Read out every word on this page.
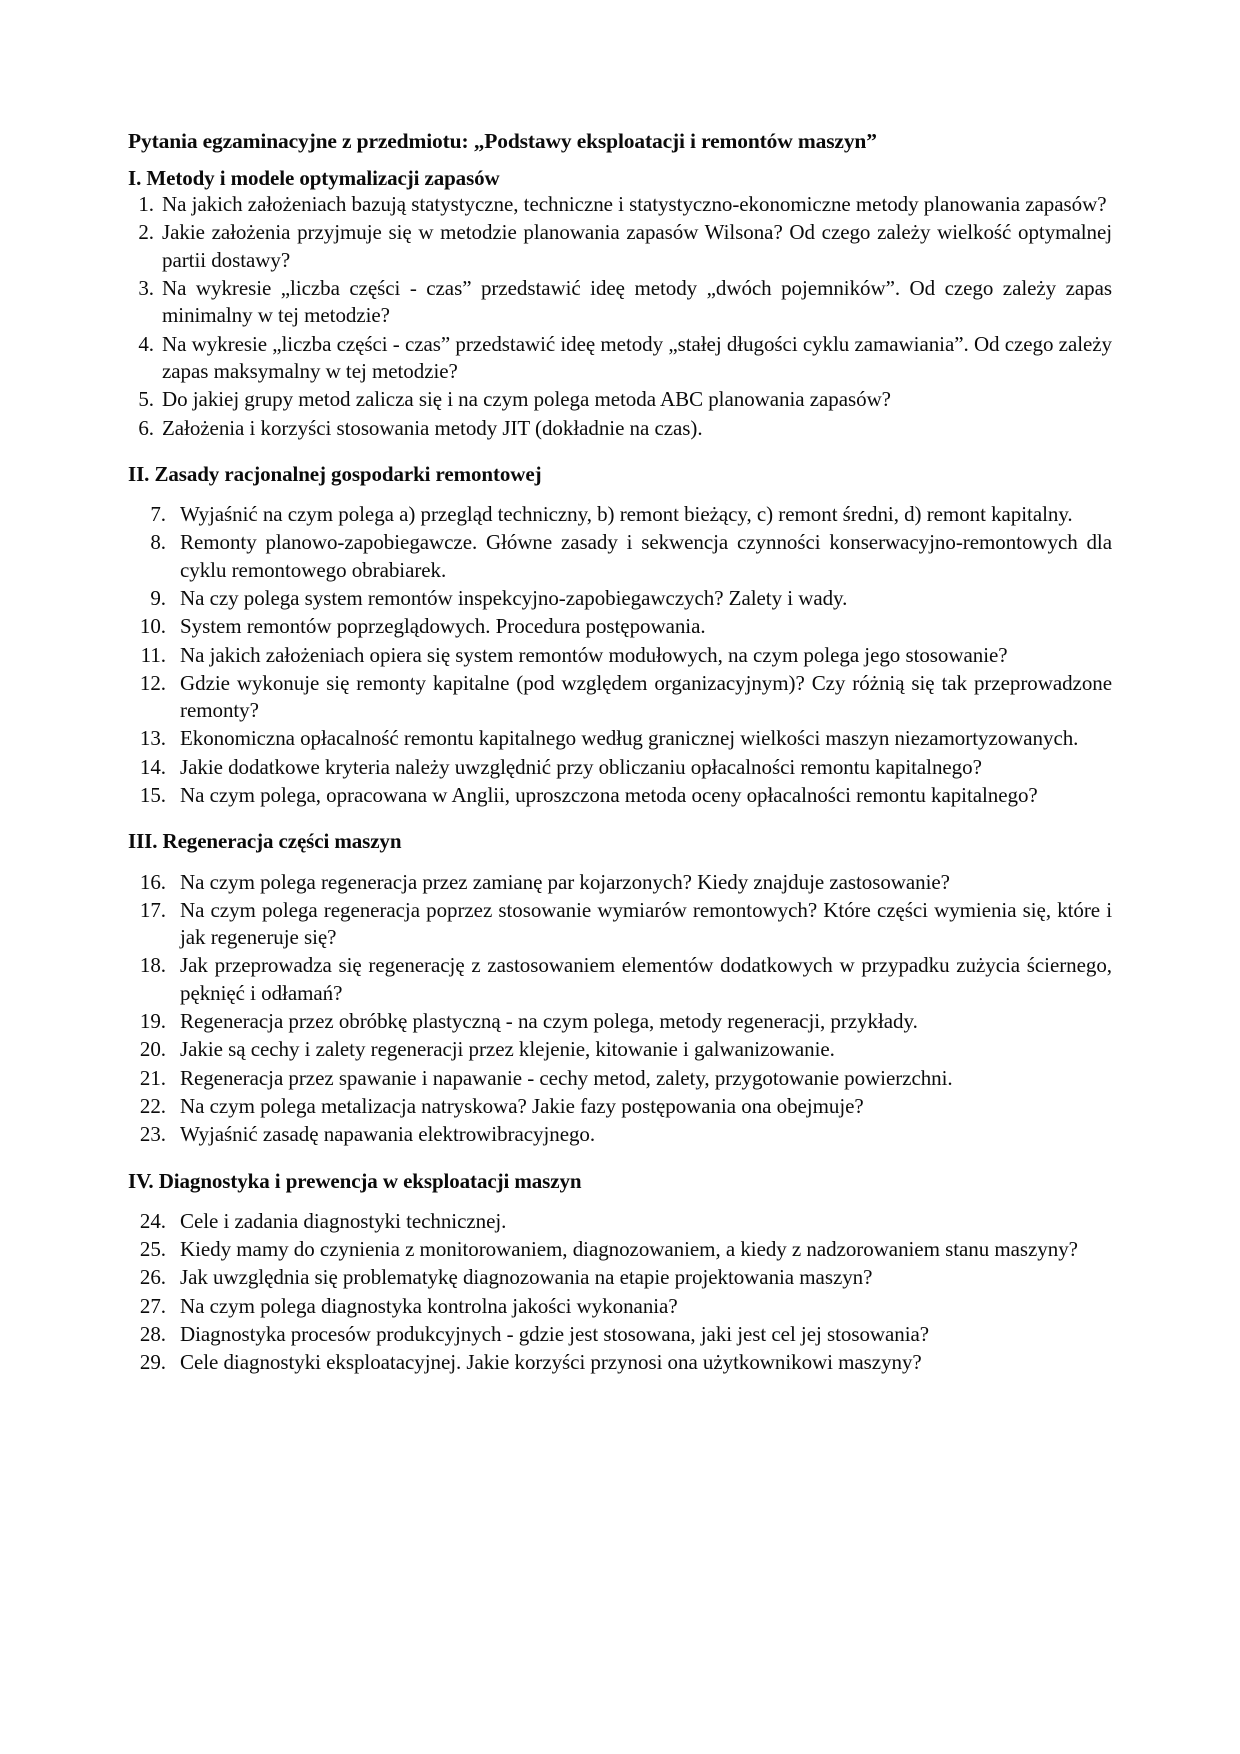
Pytania egzaminacyjne z przedmiotu: „Podstawy eksploatacji i remontów maszyn”
I. Metody i modele optymalizacji zapasów
1. Na jakich założeniach bazują statystyczne, techniczne i statystyczno-ekonomiczne metody planowania zapasów?
2. Jakie założenia przyjmuje się w metodzie planowania zapasów Wilsona? Od czego zależy wielkość optymalnej partii dostawy?
3. Na wykresie „liczba części - czas” przedstawić ideę metody „dwóch pojemników”. Od czego zależy zapas minimalny w tej metodzie?
4. Na wykresie „liczba części - czas” przedstawić ideę metody „stałej długości cyklu zamawiania”. Od czego zależy zapas maksymalny w tej metodzie?
5. Do jakiej grupy metod zalicza się i na czym polega metoda ABC planowania zapasów?
6. Założenia i korzyści stosowania metody JIT (dokładnie na czas).
II. Zasady racjonalnej gospodarki remontowej
7. Wyjaśnić na czym polega a) przegląd techniczny, b) remont bieżący, c) remont średni, d) remont kapitalny.
8. Remonty planowo-zapobiegawcze. Główne zasady i sekwencja czynności konserwacyjno-remontowych dla cyklu remontowego obrabiarek.
9. Na czy polega system remontów inspekcyjno-zapobiegawczych? Zalety i wady.
10. System remontów poprzeglądowych. Procedura postępowania.
11. Na jakich założeniach opiera się system remontów modułowych, na czym polega jego stosowanie?
12. Gdzie wykonuje się remonty kapitalne (pod względem organizacyjnym)? Czy różnią się tak przeprowadzone remonty?
13. Ekonomiczna opłacalność remontu kapitalnego według granicznej wielkości maszyn niezamortyzowanych.
14. Jakie dodatkowe kryteria należy uwzględnić przy obliczaniu opłacalności remontu kapitalnego?
15. Na czym polega, opracowana w Anglii, uproszczona metoda oceny opłacalności remontu kapitalnego?
III. Regeneracja części maszyn
16. Na czym polega regeneracja przez zamianę par kojarzonych? Kiedy znajduje zastosowanie?
17. Na czym polega regeneracja poprzez stosowanie wymiarów remontowych? Które części wymienia się, które i jak regeneruje się?
18. Jak przeprowadza się regenerację z zastosowaniem elementów dodatkowych w przypadku zużycia ściernego, pęknięć i odłamań?
19. Regeneracja przez obróbkę plastyczną - na czym polega, metody regeneracji, przykłady.
20. Jakie są cechy i zalety regeneracji przez klejenie, kitowanie i galwanizowanie.
21. Regeneracja przez spawanie i napawanie - cechy metod, zalety, przygotowanie powierzchni.
22. Na czym polega metalizacja natryskowa? Jakie fazy postępowania ona obejmuje?
23. Wyjaśnić zasadę napawania elektrowibracyjnego.
IV. Diagnostyka i prewencja w eksploatacji maszyn
24. Cele i zadania diagnostyki technicznej.
25. Kiedy mamy do czynienia z monitorowaniem, diagnozowaniem, a kiedy z nadzorowaniem stanu maszyny?
26. Jak uwzględnia się problematykę diagnozowania na etapie projektowania maszyn?
27. Na czym polega diagnostyka kontrolna jakości wykonania?
28. Diagnostyka procesów produkcyjnych - gdzie jest stosowana, jaki jest cel jej stosowania?
29. Cele diagnostyki eksploatacyjnej. Jakie korzyści przynosi ona użytkownikowi maszyny?
